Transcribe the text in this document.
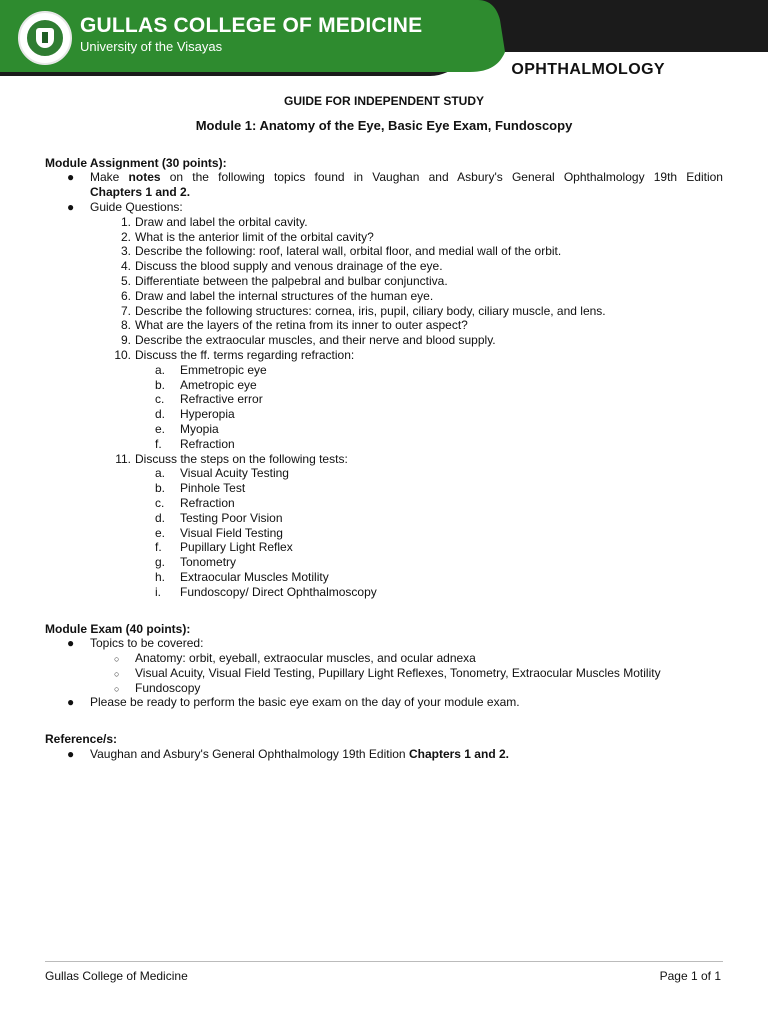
GULLAS COLLEGE OF MEDICINE
University of the Visayas
OPHTHALMOLOGY
GUIDE FOR INDEPENDENT STUDY
Module 1: Anatomy of the Eye, Basic Eye Exam, Fundoscopy
Module Assignment (30 points):
● Make notes on the following topics found in Vaughan and Asbury's General Ophthalmology 19th Edition
Chapters 1 and 2.
● Guide Questions:
1. Draw and label the orbital cavity.
2. What is the anterior limit of the orbital cavity?
3. Describe the following: roof, lateral wall, orbital floor, and medial wall of the orbit.
4. Discuss the blood supply and venous drainage of the eye.
5. Differentiate between the palpebral and bulbar conjunctiva.
6. Draw and label the internal structures of the human eye.
7. Describe the following structures: cornea, iris, pupil, ciliary body, ciliary muscle, and lens.
8. What are the layers of the retina from its inner to outer aspect?
9. Describe the extraocular muscles, and their nerve and blood supply.
10. Discuss the ff. terms regarding refraction:
a.	Emmetropic eye
b.	Ametropic eye
c.	Refractive error
d.	Hyperopia
e.	Myopia
f.	Refraction
11. Discuss the steps on the following tests:
a.	Visual Acuity Testing
b.	Pinhole Test
c.	Refraction
d.	Testing Poor Vision
e.	Visual Field Testing
f.	Pupillary Light Reflex
g.	Tonometry
h.	Extraocular Muscles Motility
i.	Fundoscopy/ Direct Ophthalmoscopy
Module Exam (40 points):
● Topics to be covered:
○ Anatomy: orbit, eyeball, extraocular muscles, and ocular adnexa
○ Visual Acuity, Visual Field Testing, Pupillary Light Reflexes, Tonometry, Extraocular Muscles Motility
○ Fundoscopy
● Please be ready to perform the basic eye exam on the day of your module exam.
Reference/s:
● Vaughan and Asbury's General Ophthalmology 19th Edition Chapters 1 and 2.
Gullas College of Medicine	Page 1 of 1
